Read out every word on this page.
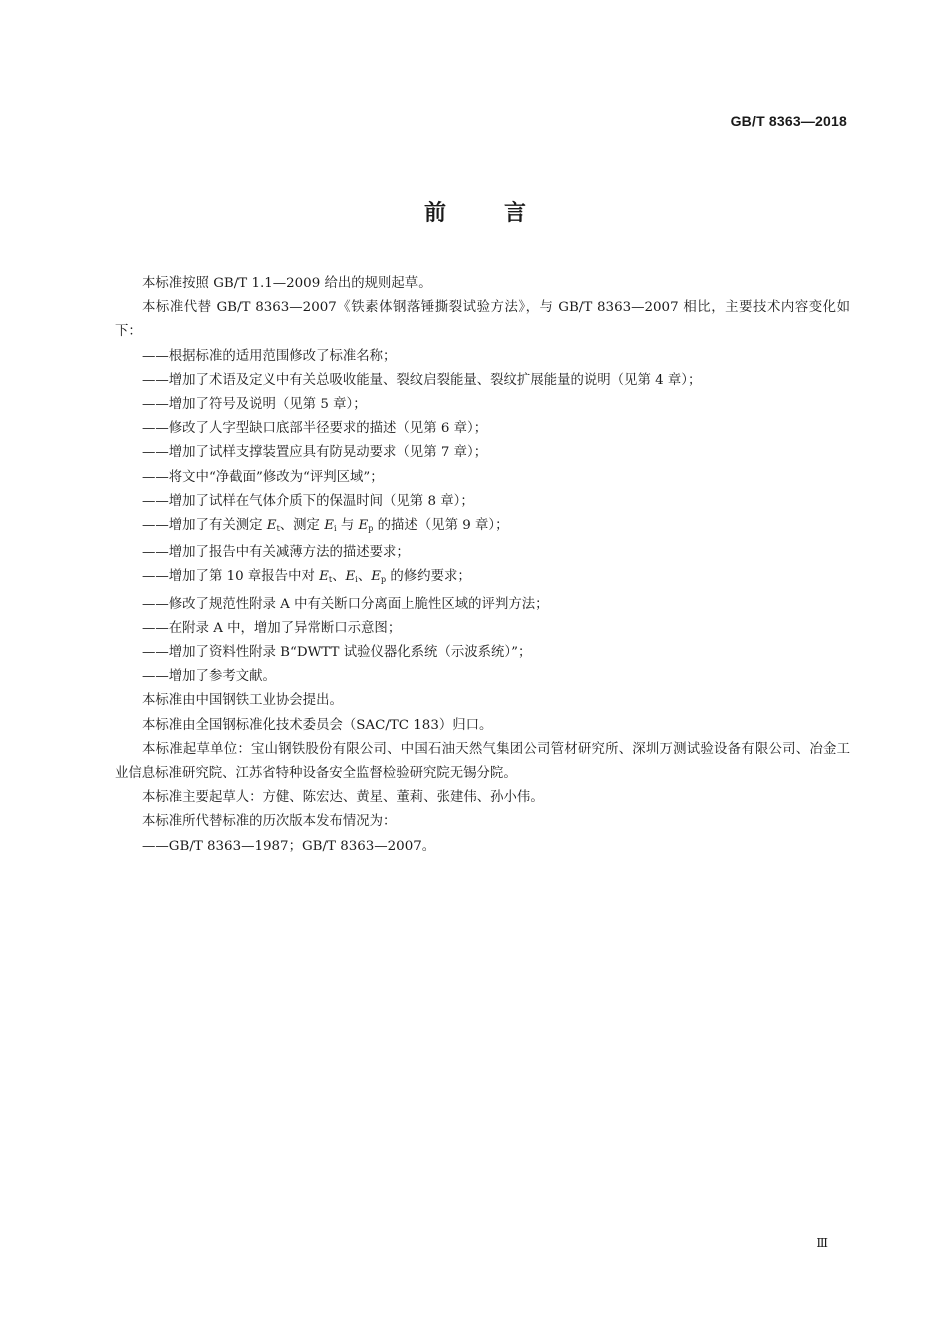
GB/T 8363—2018
前言

本标准按照 GB/T 1.1—2009 给出的规则起草。

本标准代替 GB/T 8363—2007《铁素体钢落锤撕裂试验方法》，与 GB/T 8363—2007 相比，主要技术内容变化如下：

——根据标准的适用范围修改了标准名称；

——增加了术语及定义中有关总吸收能量、裂纹启裂能量、裂纹扩展能量的说明（见第 4 章）；

——增加了符号及说明（见第 5 章）；

——修改了人字型缺口底部半径要求的描述（见第 6 章）；

——增加了试样支撑装置应具有防晃动要求（见第 7 章）；

——将文中“净截面”修改为“评判区域”；

——增加了试样在气体介质下的保温时间（见第 8 章）；

——增加了有关测定 $E_t$、测定 $E_i$ 与 $E_p$ 的描述（见第 9 章）；

——增加了报告中有关减薄方法的描述要求；

——增加了第 10 章报告中对 $E_t$、$E_i$、$E_p$ 的修约要求；

——修改了规范性附录 A 中有关断口分离面上脆性区域的评判方法；

——在附录 A 中，增加了异常断口示意图；

——增加了资料性附录 B“DWTT 试验仪器化系统（示波系统）”；

——增加了参考文献。

本标准由中国钢铁工业协会提出。

本标准由全国钢标准化技术委员会（SAC/TC 183）归口。

本标准起草单位：宝山钢铁股份有限公司、中国石油天然气集团公司管材研究所、深圳万测试验设备有限公司、冶金工业信息标准研究院、江苏省特种设备安全监督检验研究院无锡分院。

本标准主要起草人：方健、陈宏达、黄星、董莉、张建伟、孙小伟。

本标准所代替标准的历次版本发布情况为：

——GB/T 8363—1987；GB/T 8363—2007。

Ⅲ
